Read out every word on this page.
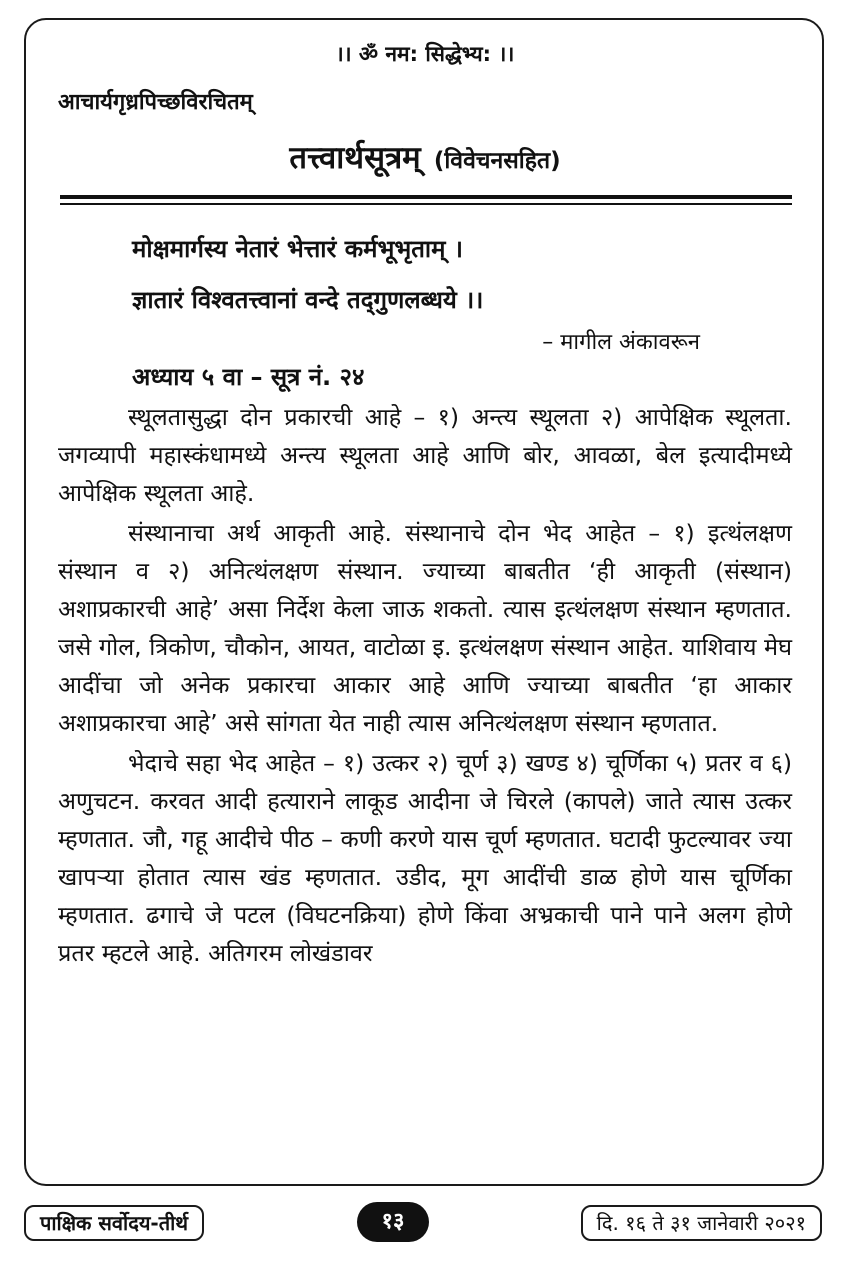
।। ॐ नम: सिद्धेभ्य: ।।
आचार्यगृध्रपिच्छविरचितम्
तत्त्वार्थसूत्रम् (विवेचनसहित)
मोक्षमार्गस्य नेतारं भेत्तारं कर्मभूभृताम् ।
ज्ञातारं विश्वतत्त्वानां वन्दे तद्‌गुणलब्धये ।।
– मागील अंकावरून
अध्याय ५ वा – सूत्र नं. २४

स्थूलतासुद्धा दोन प्रकारची आहे – १) अन्त्य स्थूलता २) आपेक्षिक स्थूलता. जगव्यापी महास्कंधामध्ये अन्त्य स्थूलता आहे आणि बोर, आवळा, बेल इत्यादीमध्ये आपेक्षिक स्थूलता आहे.

संस्थानाचा अर्थ आकृती आहे. संस्थानाचे दोन भेद आहेत – १) इत्थंलक्षण संस्थान व २) अनित्थंलक्षण संस्थान. ज्याच्या बाबतीत ‘ही आकृती (संस्थान) अशाप्रकारची आहे’ असा निर्देश केला जाऊ शकतो. त्यास इत्थंलक्षण संस्थान म्हणतात. जसे गोल, त्रिकोण, चौकोन, आयत, वाटोळा इ. इत्थंलक्षण संस्थान आहेत. याशिवाय मेघ आदींचा जो अनेक प्रकारचा आकार आहे आणि ज्याच्या बाबतीत ‘हा आकार अशाप्रकारचा आहे’ असे सांगता येत नाही त्यास अनित्थंलक्षण संस्थान म्हणतात.

भेदाचे सहा भेद आहेत – १) उत्कर २) चूर्ण ३) खण्ड ४) चूर्णिका ५) प्रतर व ६) अणुचटन. करवत आदी हत्याराने लाकूड आदीना जे चिरले (कापले) जाते त्यास उत्कर म्हणतात. जौ, गहू आदीचे पीठ – कणी करणे यास चूर्ण म्हणतात. घटादी फुटल्यावर ज्या खापऱ्या होतात त्यास खंड म्हणतात. उडीद, मूग आदींची डाळ होणे यास चूर्णिका म्हणतात. ढगाचे जे पटल (विघटनक्रिया) होणे किंवा अभ्रकाची पाने पाने अलग होणे प्रतर म्हटले आहे. अतिगरम लोखंडावर

पाक्षिक सर्वोदय-तीर्थ	१३	दि. १६ ते ३१ जानेवारी २०२१
